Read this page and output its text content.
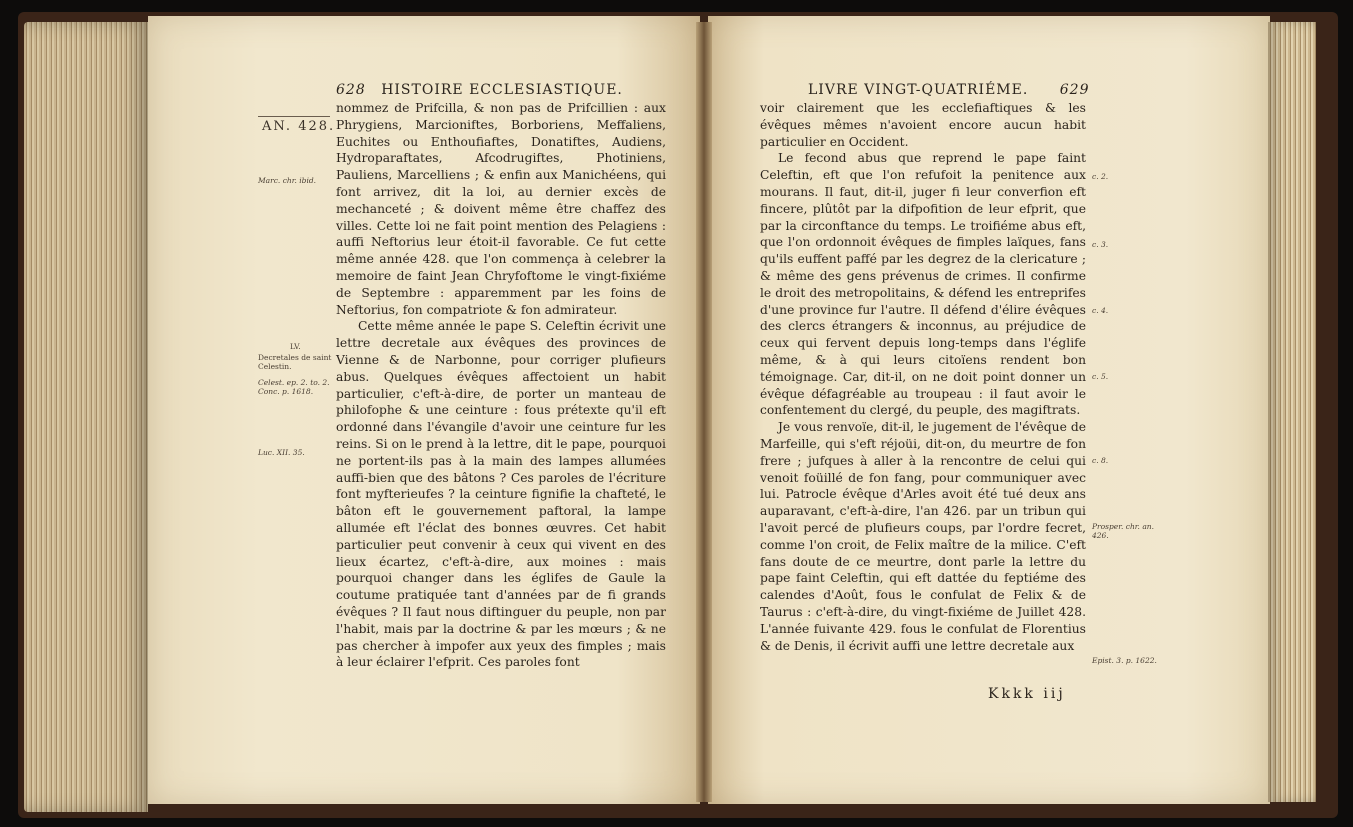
628 HISTOIRE ECCLESIASTIQUE.
AN. 428.
Marc. chr. ibid.
LV.
Decretales de saint Celestin.
Celest. ep. 2. to. 2. Conc. p. 1618.
Luc. XII. 35.

nommez de Prifcilla, & non pas de Prifcillien : aux Phrygiens, Marcioniftes, Borboriens, Meffaliens, Euchites ou Enthoufiaftes, Donatiftes, Audiens, Hydroparaftates, Afcodrugiftes, Photiniens, Pauliens, Marcelliens ; & enfin aux Manichéens, qui font arrivez, dit la loi, au dernier excès de mechanceté ; & doivent même être chaffez des villes. Cette loi ne fait point mention des Pelagiens : auffi Neftorius leur étoit-il favorable. Ce fut cette même année 428. que l'on commença à celebrer la memoire de faint Jean Chryfoftome le vingt-fixiéme de Septembre : apparemment par les foins de Neftorius, fon compatriote & fon admirateur.

Cette même année le pape S. Celeftin écrivit une lettre decretale aux évêques des provinces de Vienne & de Narbonne, pour corriger plufieurs abus. Quelques évêques affectoient un habit particulier, c'eft-à-dire, de porter un manteau de philofophe & une ceinture : fous prétexte qu'il eft ordonné dans l'évangile d'avoir une ceinture fur les reins. Si on le prend à la lettre, dit le pape, pourquoi ne portent-ils pas à la main des lampes allumées auffi-bien que des bâtons ? Ces paroles de l'écriture font myfterieufes ? la ceinture fignifie la chafteté, le bâton eft le gouvernement paftoral, la lampe allumée eft l'éclat des bonnes œuvres. Cet habit particulier peut convenir à ceux qui vivent en des lieux écartez, c'eft-à-dire, aux moines : mais pourquoi changer dans les églifes de Gaule la coutume pratiquée tant d'années par de fi grands évêques ? Il faut nous diftinguer du peuple, non par l'habit, mais par la doctrine & par les mœurs ; & ne pas chercher à impofer aux yeux des fimples ; mais à leur éclairer l'efprit. Ces paroles font

LIVRE VINGT-QUATRIÉME. 629

voir clairement que les ecclefiaftiques & les évêques mêmes n'avoient encore aucun habit particulier en Occident.

Le fecond abus que reprend le pape faint Celeftin, eft que l'on refufoit la penitence aux mourans. Il faut, dit-il, juger fi leur converfion eft fincere, plûtôt par la difpofition de leur efprit, que par la circonftance du temps. Le troifiéme abus eft, que l'on ordonnoit évêques de fimples laïques, fans qu'ils euffent paffé par les degrez de la clericature ; & même des gens prévenus de crimes. Il confirme le droit des metropolitains, & défend les entreprifes d'une province fur l'autre. Il défend d'élire évêques des clercs étrangers & inconnus, au préjudice de ceux qui fervent depuis long-temps dans l'églife même, & à qui leurs citoïens rendent bon témoignage. Car, dit-il, on ne doit point donner un évêque défagréable au troupeau : il faut avoir le confentement du clergé, du peuple, des magiftrats.

Je vous renvoïe, dit-il, le jugement de l'évêque de Marfeille, qui s'eft réjoüi, dit-on, du meurtre de fon frere ; jufques à aller à la rencontre de celui qui venoit foüillé de fon fang, pour communiquer avec lui. Patrocle évêque d'Arles avoit été tué deux ans auparavant, c'eft-à-dire, l'an 426. par un tribun qui l'avoit percé de plufieurs coups, par l'ordre fecret, comme l'on croit, de Felix maître de la milice. C'eft fans doute de ce meurtre, dont parle la lettre du pape faint Celeftin, qui eft dattée du feptiéme des calendes d'Août, fous le confulat de Felix & de Taurus : c'eft-à-dire, du vingt-fixiéme de Juillet 428. L'année fuivante 429. fous le confulat de Florentius & de Denis, il écrivit auffi une lettre decretale aux

Kkkk iij
c. 2.
c. 3.
c. 4.
c. 5.
c. 8.
Prosper. chr. an. 426.
Epist. 3. p. 1622.
